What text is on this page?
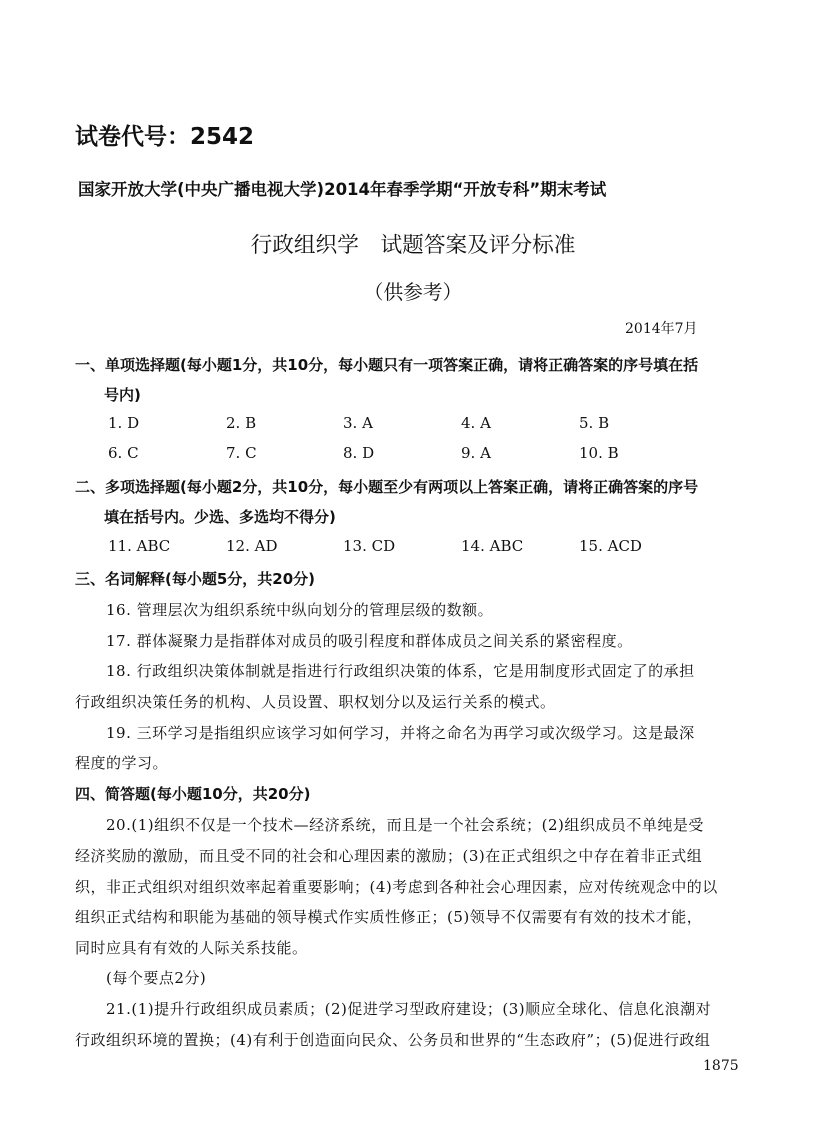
试卷代号：2542
国家开放大学(中央广播电视大学)2014年春季学期“开放专科”期末考试
行政组织学　试题答案及评分标准
（供参考）
2014年7月
一、单项选择题(每小题1分，共10分，每小题只有一项答案正确，请将正确答案的序号填在括
号内)
1. D	2. B	3. A	4. A	5. B
6. C	7. C	8. D	9. A	10. B
二、多项选择题(每小题2分，共10分，每小题至少有两项以上答案正确，请将正确答案的序号
填在括号内。少选、多选均不得分)
11. ABC	12. AD	13. CD	14. ABC	15. ACD
三、名词解释(每小题5分，共20分)
16. 管理层次为组织系统中纵向划分的管理层级的数额。
17. 群体凝聚力是指群体对成员的吸引程度和群体成员之间关系的紧密程度。
18. 行政组织决策体制就是指进行行政组织决策的体系，它是用制度形式固定了的承担
行政组织决策任务的机构、人员设置、职权划分以及运行关系的模式。
19. 三环学习是指组织应该学习如何学习，并将之命名为再学习或次级学习。这是最深
程度的学习。
四、简答题(每小题10分，共20分)
20.(1)组织不仅是一个技术—经济系统，而且是一个社会系统；(2)组织成员不单纯是受
经济奖励的激励，而且受不同的社会和心理因素的激励；(3)在正式组织之中存在着非正式组
织，非正式组织对组织效率起着重要影响；(4)考虑到各种社会心理因素，应对传统观念中的以
组织正式结构和职能为基础的领导模式作实质性修正；(5)领导不仅需要有有效的技术才能，
同时应具有有效的人际关系技能。
(每个要点2分)
21.(1)提升行政组织成员素质；(2)促进学习型政府建设；(3)顺应全球化、信息化浪潮对
行政组织环境的置换；(4)有利于创造面向民众、公务员和世界的“生态政府”；(5)促进行政组
1875
